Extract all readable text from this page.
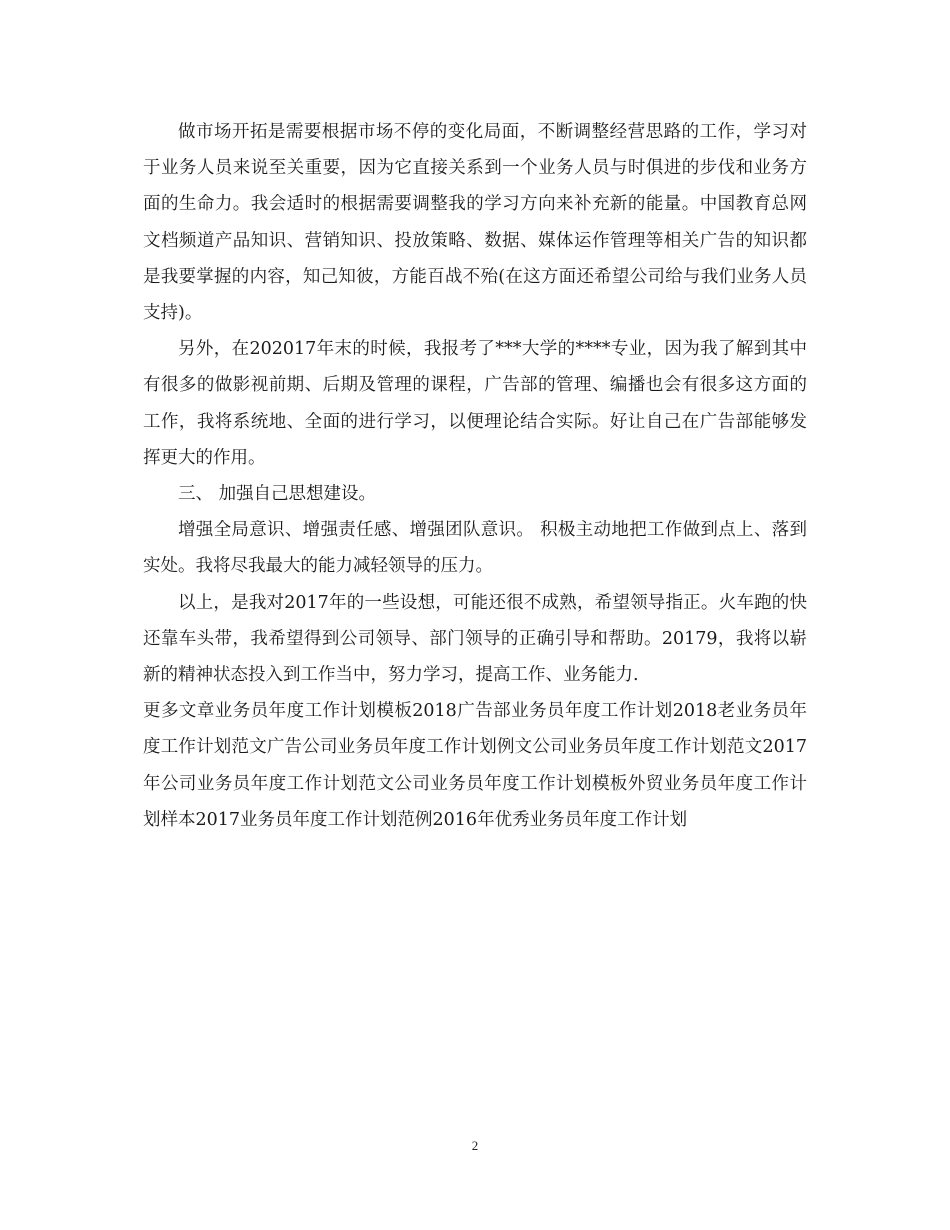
做市场开拓是需要根据市场不停的变化局面，不断调整经营思路的工作，学习对于业务人员来说至关重要，因为它直接关系到一个业务人员与时俱进的步伐和业务方面的生命力。我会适时的根据需要调整我的学习方向来补充新的能量。中国教育总网文档频道产品知识、营销知识、投放策略、数据、媒体运作管理等相关广告的知识都是我要掌握的内容，知己知彼，方能百战不殆(在这方面还希望公司给与我们业务人员支持)。

另外，在202017年末的时候，我报考了***大学的****专业，因为我了解到其中有很多的做影视前期、后期及管理的课程，广告部的管理、编播也会有很多这方面的工作，我将系统地、全面的进行学习，以便理论结合实际。好让自己在广告部能够发挥更大的作用。

三、 加强自己思想建设。

增强全局意识、增强责任感、增强团队意识。 积极主动地把工作做到点上、落到实处。我将尽我最大的能力减轻领导的压力。

以上，是我对2017年的一些设想，可能还很不成熟，希望领导指正。火车跑的快还靠车头带，我希望得到公司领导、部门领导的正确引导和帮助。20179，我将以崭新的精神状态投入到工作当中，努力学习，提高工作、业务能力.

更多文章业务员年度工作计划模板2018广告部业务员年度工作计划2018老业务员年度工作计划范文广告公司业务员年度工作计划例文公司业务员年度工作计划范文2017年公司业务员年度工作计划范文公司业务员年度工作计划模板外贸业务员年度工作计划样本2017业务员年度工作计划范例2016年优秀业务员年度工作计划

2
